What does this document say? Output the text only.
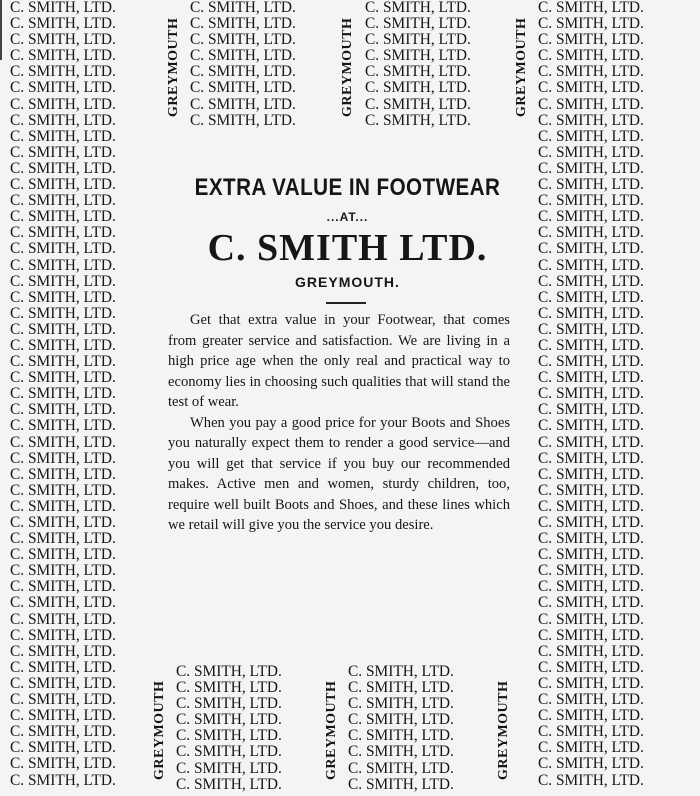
C. SMITH, LTD.
C. SMITH, LTD.
C. SMITH, LTD.
C. SMITH, LTD.
C. SMITH, LTD.
C. SMITH, LTD.
C. SMITH, LTD.
C. SMITH, LTD.
C. SMITH, LTD.
C. SMITH, LTD.
C. SMITH, LTD.
C. SMITH, LTD.
C. SMITH, LTD.
C. SMITH, LTD.
C. SMITH, LTD.
C. SMITH, LTD.
C. SMITH, LTD.
C. SMITH, LTD.
C. SMITH, LTD.
C. SMITH, LTD.
C. SMITH, LTD.
C. SMITH, LTD.
C. SMITH, LTD.
C. SMITH, LTD.
C. SMITH, LTD.
C. SMITH, LTD.
C. SMITH, LTD.
C. SMITH, LTD.
C. SMITH, LTD.
C. SMITH, LTD.
C. SMITH, LTD.
C. SMITH, LTD.
C. SMITH, LTD.
C. SMITH, LTD.
C. SMITH, LTD.
C. SMITH, LTD.
C. SMITH, LTD.
C. SMITH, LTD.
C. SMITH, LTD.
C. SMITH, LTD.
C. SMITH, LTD.
C. SMITH, LTD.
C. SMITH, LTD.
C. SMITH, LTD.
C. SMITH, LTD.
C. SMITH, LTD.
C. SMITH, LTD.
C. SMITH, LTD.
C. SMITH, LTD.
GREYMOUTH
C. SMITH, LTD.
C. SMITH, LTD.
C. SMITH, LTD.
C. SMITH, LTD.
C. SMITH, LTD.
C. SMITH, LTD.
C. SMITH, LTD.
C. SMITH, LTD.
GREYMOUTH
C. SMITH, LTD.
C. SMITH, LTD.
C. SMITH, LTD.
C. SMITH, LTD.
C. SMITH, LTD.
C. SMITH, LTD.
C. SMITH, LTD.
C. SMITH, LTD.
GREYMOUTH
C. SMITH, LTD.
C. SMITH, LTD.
C. SMITH, LTD.
C. SMITH, LTD.
C. SMITH, LTD.
C. SMITH, LTD.
C. SMITH, LTD.
C. SMITH, LTD.
C. SMITH, LTD.
C. SMITH, LTD.
C. SMITH, LTD.
C. SMITH, LTD.
C. SMITH, LTD.
C. SMITH, LTD.
C. SMITH, LTD.
C. SMITH, LTD.
C. SMITH, LTD.
C. SMITH, LTD.
C. SMITH, LTD.
C. SMITH, LTD.
C. SMITH, LTD.
C. SMITH, LTD.
C. SMITH, LTD.
C. SMITH, LTD.
C. SMITH, LTD.
C. SMITH, LTD.
C. SMITH, LTD.
C. SMITH, LTD.
C. SMITH, LTD.
C. SMITH, LTD.
C. SMITH, LTD.
C. SMITH, LTD.
C. SMITH, LTD.
C. SMITH, LTD.
C. SMITH, LTD.
C. SMITH, LTD.
C. SMITH, LTD.
C. SMITH, LTD.
C. SMITH, LTD.
C. SMITH, LTD.
C. SMITH, LTD.
C. SMITH, LTD.
C. SMITH, LTD.
C. SMITH, LTD.
C. SMITH, LTD.
C. SMITH, LTD.
C. SMITH, LTD.
C. SMITH, LTD.
C. SMITH, LTD.
EXTRA VALUE IN FOOTWEAR
...AT...
C. SMITH LTD.
GREYMOUTH.

Get that extra value in your Footwear, that comes from greater service and satisfaction. We are living in a high price age when the only real and practical way to economy lies in choosing such qualities that will stand the test of wear.

When you pay a good price for your Boots and Shoes you naturally expect them to render a good service—and you will get that service if you buy our recommended makes. Active men and women, sturdy children, too, require well built Boots and Shoes, and these lines which we retail will give you the service you desire.

GREYMOUTH
C. SMITH, LTD.
C. SMITH, LTD.
C. SMITH, LTD.
C. SMITH, LTD.
C. SMITH, LTD.
C. SMITH, LTD.
C. SMITH, LTD.
C. SMITH, LTD.
GREYMOUTH
C. SMITH, LTD.
C. SMITH, LTD.
C. SMITH, LTD.
C. SMITH, LTD.
C. SMITH, LTD.
C. SMITH, LTD.
C. SMITH, LTD.
C. SMITH, LTD.
GREYMOUTH
